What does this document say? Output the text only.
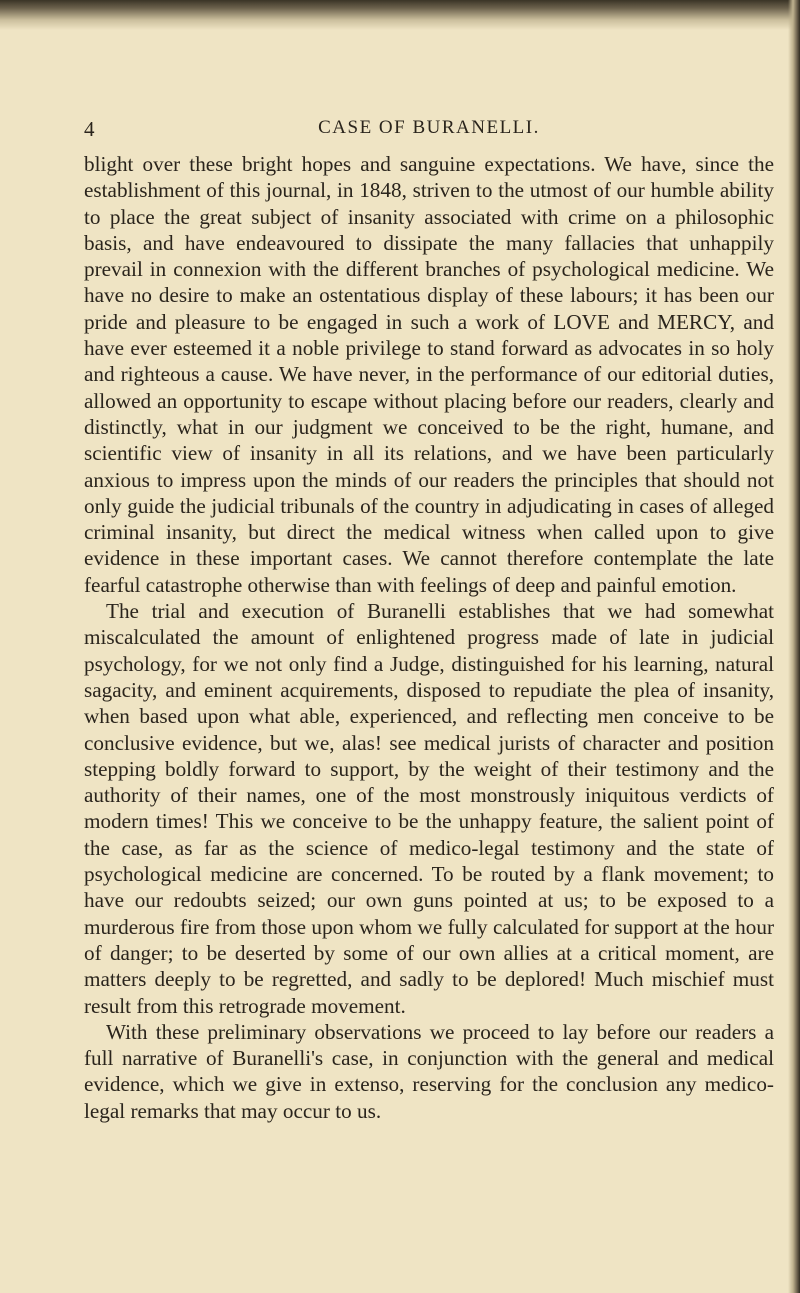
4	CASE OF BURANELLI.

blight over these bright hopes and sanguine expectations. We have, since the establishment of this journal, in 1848, striven to the utmost of our humble ability to place the great subject of insanity associated with crime on a philosophic basis, and have endeavoured to dissipate the many fallacies that unhappily prevail in connexion with the different branches of psychological medicine. We have no desire to make an ostentatious display of these labours; it has been our pride and pleasure to be engaged in such a work of LOVE and MERCY, and have ever esteemed it a noble privilege to stand forward as advocates in so holy and righteous a cause. We have never, in the performance of our editorial duties, allowed an opportunity to escape without placing before our readers, clearly and distinctly, what in our judgment we conceived to be the right, humane, and scientific view of insanity in all its relations, and we have been particularly anxious to impress upon the minds of our readers the principles that should not only guide the judicial tribunals of the country in adjudicating in cases of alleged criminal insanity, but direct the medical witness when called upon to give evidence in these important cases. We cannot therefore contemplate the late fearful catastrophe otherwise than with feelings of deep and painful emotion.

The trial and execution of Buranelli establishes that we had somewhat miscalculated the amount of enlightened progress made of late in judicial psychology, for we not only find a Judge, distinguished for his learning, natural sagacity, and eminent acquirements, disposed to repudiate the plea of insanity, when based upon what able, experienced, and reflecting men conceive to be conclusive evidence, but we, alas! see medical jurists of character and position stepping boldly forward to support, by the weight of their testimony and the authority of their names, one of the most monstrously iniquitous verdicts of modern times! This we conceive to be the unhappy feature, the salient point of the case, as far as the science of medico-legal testimony and the state of psychological medicine are concerned. To be routed by a flank movement; to have our redoubts seized; our own guns pointed at us; to be exposed to a murderous fire from those upon whom we fully calculated for support at the hour of danger; to be deserted by some of our own allies at a critical moment, are matters deeply to be regretted, and sadly to be deplored! Much mischief must result from this retrograde movement.

With these preliminary observations we proceed to lay before our readers a full narrative of Buranelli's case, in conjunction with the general and medical evidence, which we give in extenso, reserving for the conclusion any medico-legal remarks that may occur to us.
